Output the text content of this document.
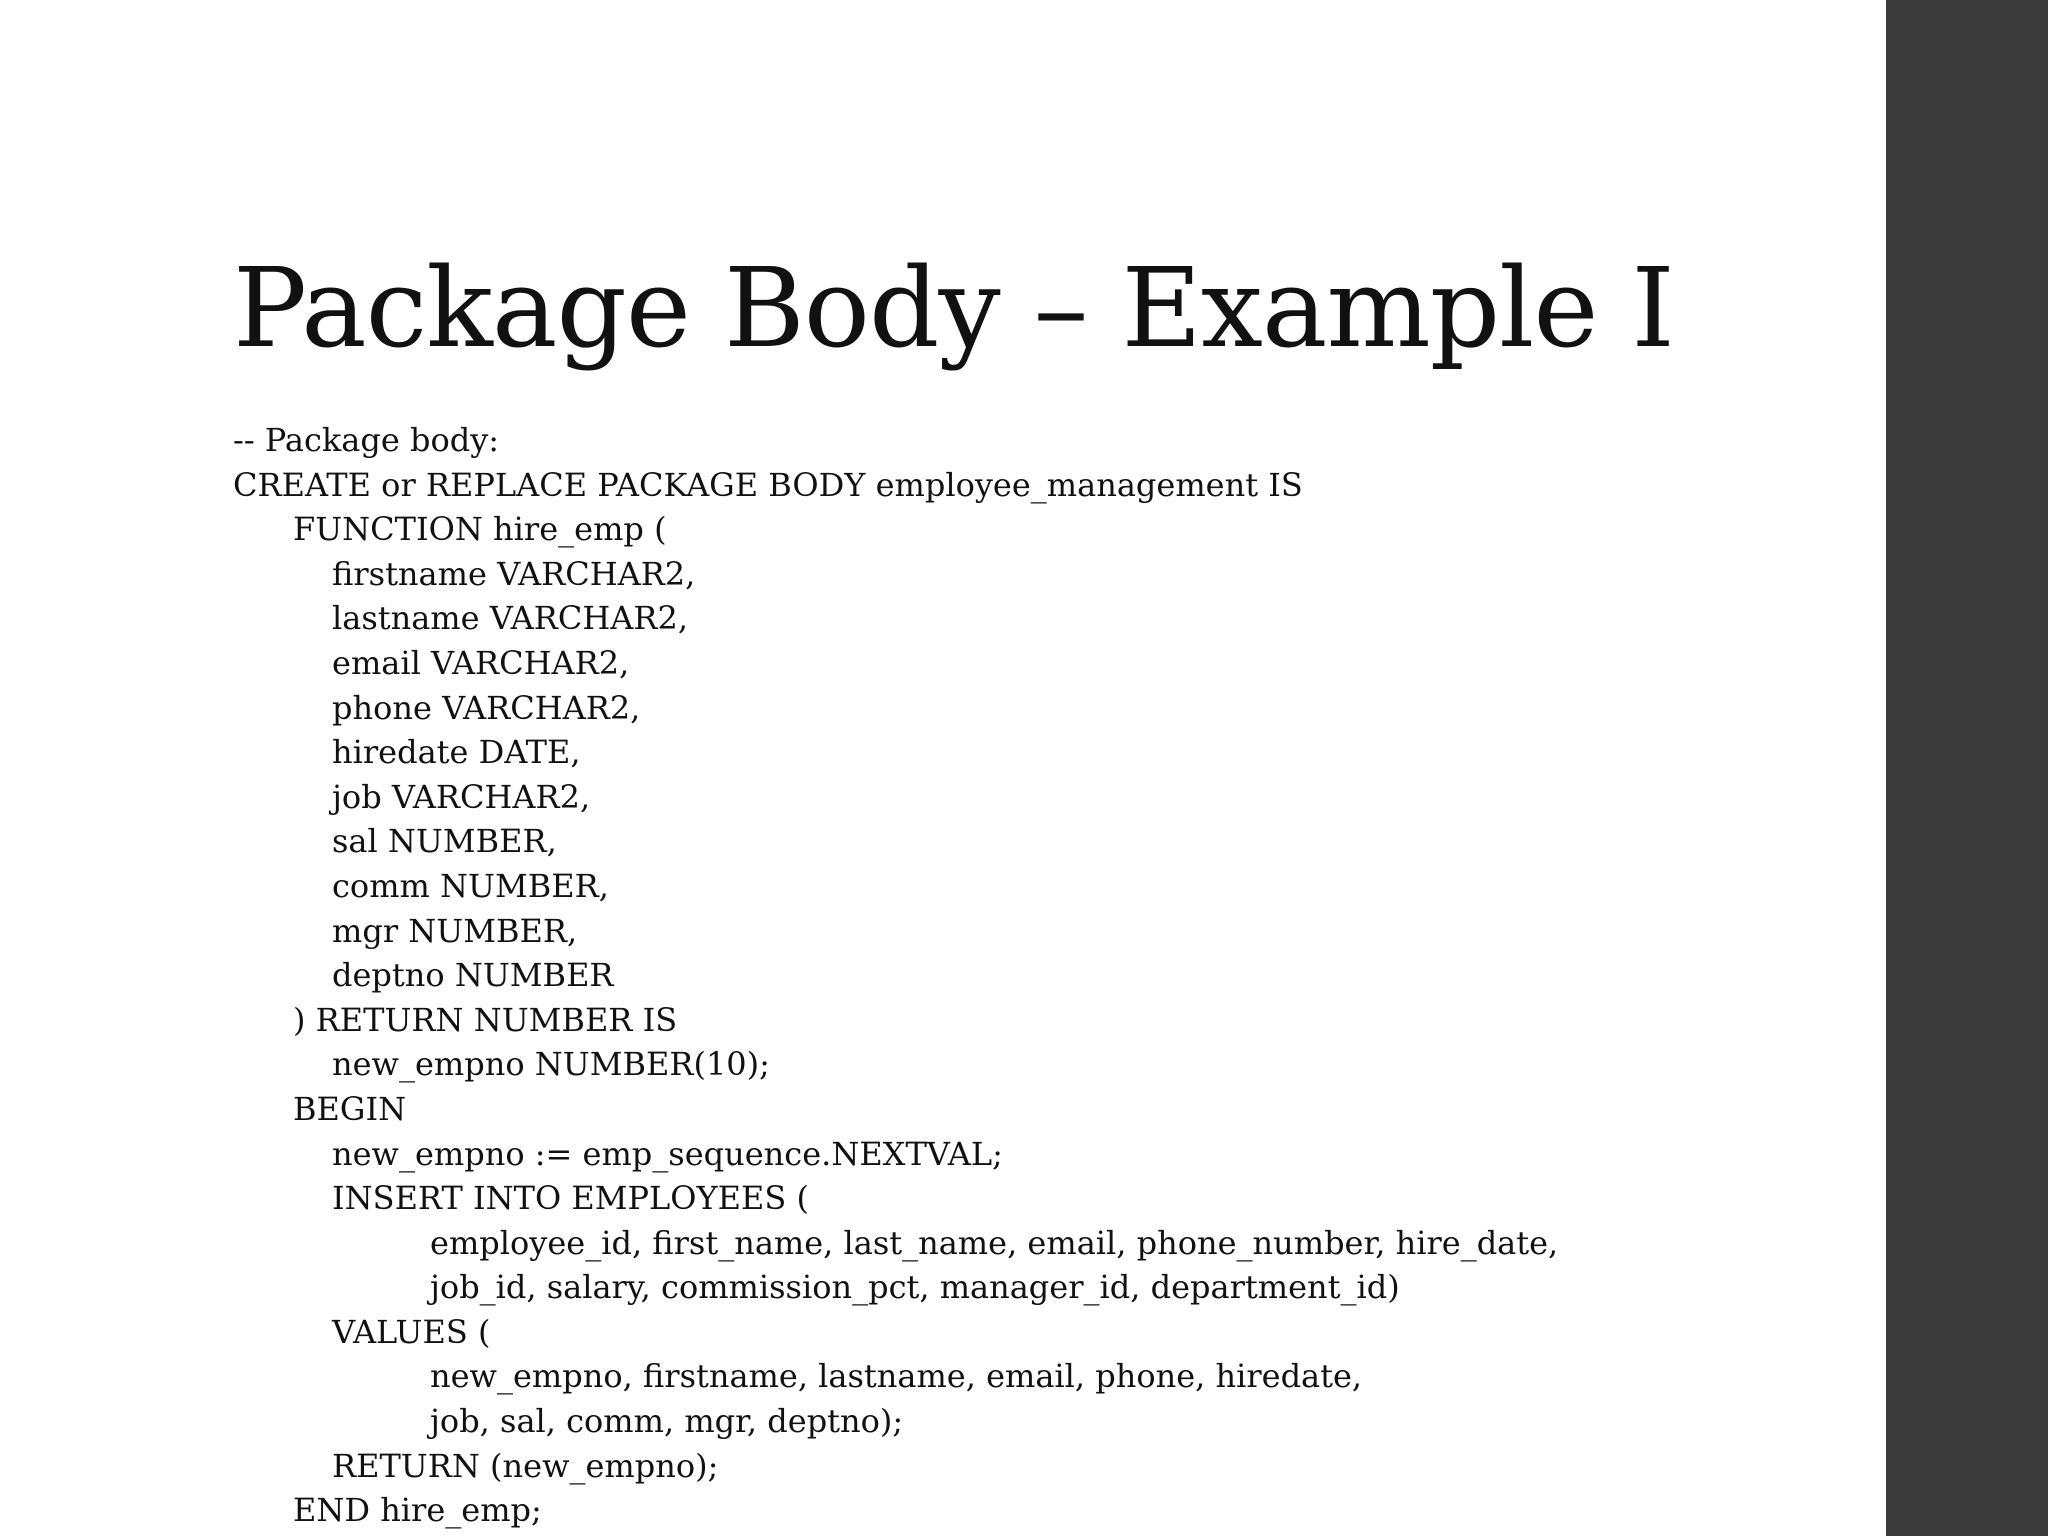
Package Body – Example I
-- Package body:
CREATE or REPLACE PACKAGE BODY employee_management IS
FUNCTION hire_emp (
firstname VARCHAR2,
lastname VARCHAR2,
email VARCHAR2,
phone VARCHAR2,
hiredate DATE,
job VARCHAR2,
sal NUMBER,
comm NUMBER,
mgr NUMBER,
deptno NUMBER
) RETURN NUMBER IS
new_empno NUMBER(10);
BEGIN
new_empno := emp_sequence.NEXTVAL;
INSERT INTO EMPLOYEES (
employee_id, first_name, last_name, email, phone_number, hire_date,
job_id, salary, commission_pct, manager_id, department_id)
VALUES (
new_empno, firstname, lastname, email, phone, hiredate,
job, sal, comm, mgr, deptno);
RETURN (new_empno);
END hire_emp;
